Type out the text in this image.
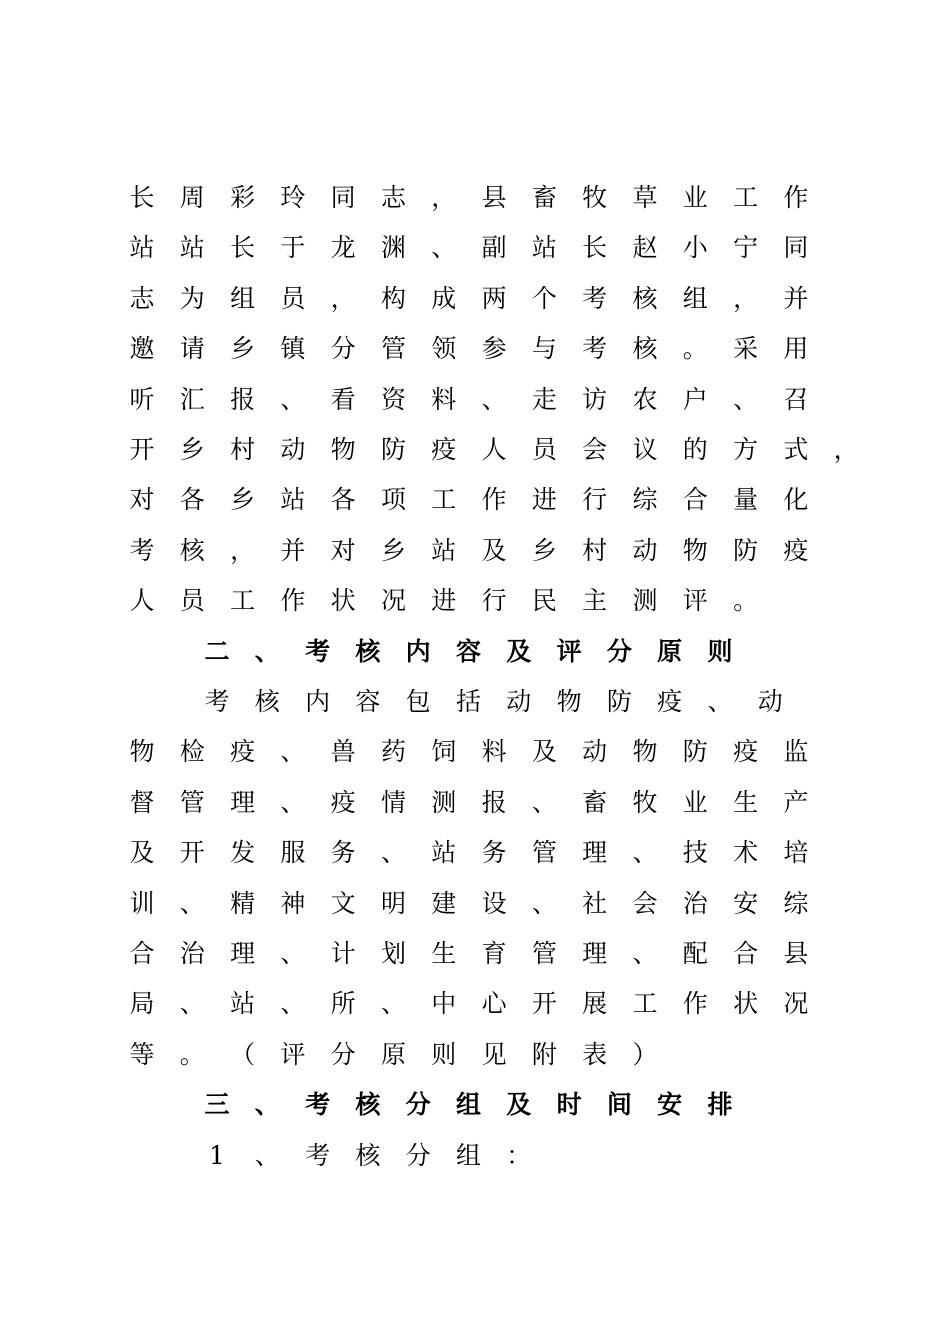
长 周 彩 玲 同 志 ， 县 畜 牧 草 业 工 作
站 站 长 于 龙 渊 、 副 站 长 赵 小 宁 同
志 为 组 员 ， 构 成 两 个 考 核 组 ， 并
邀 请 乡 镇 分 管 领 参 与 考 核 。 采 用
听 汇 报 、 看 资 料 、 走 访 农 户 、 召
开 乡 村 动 物 防 疫 人 员 会 议 的 方 式 ，
对 各 乡 站 各 项 工 作 进 行 综 合 量 化
考 核 ， 并 对 乡 站 及 乡 村 动 物 防 疫
人 员 工 作 状 况 进 行 民 主 测 评 。
二 、 考 核 内 容 及 评 分 原 则
考 核 内 容 包 括 动 物 防 疫 、 动
物 检 疫 、 兽 药 饲 料 及 动 物 防 疫 监
督 管 理 、 疫 情 测 报 、 畜 牧 业 生 产
及 开 发 服 务 、 站 务 管 理 、 技 术 培
训 、 精 神 文 明 建 设 、 社 会 治 安 综
合 治 理 、 计 划 生 育 管 理 、 配 合 县
局 、 站 、 所 、 中 心 开 展 工 作 状 况
等 。 （ 评 分 原 则 见 附 表 ）
三 、 考 核 分 组 及 时 间 安 排
1 、 考 核 分 组 ：
